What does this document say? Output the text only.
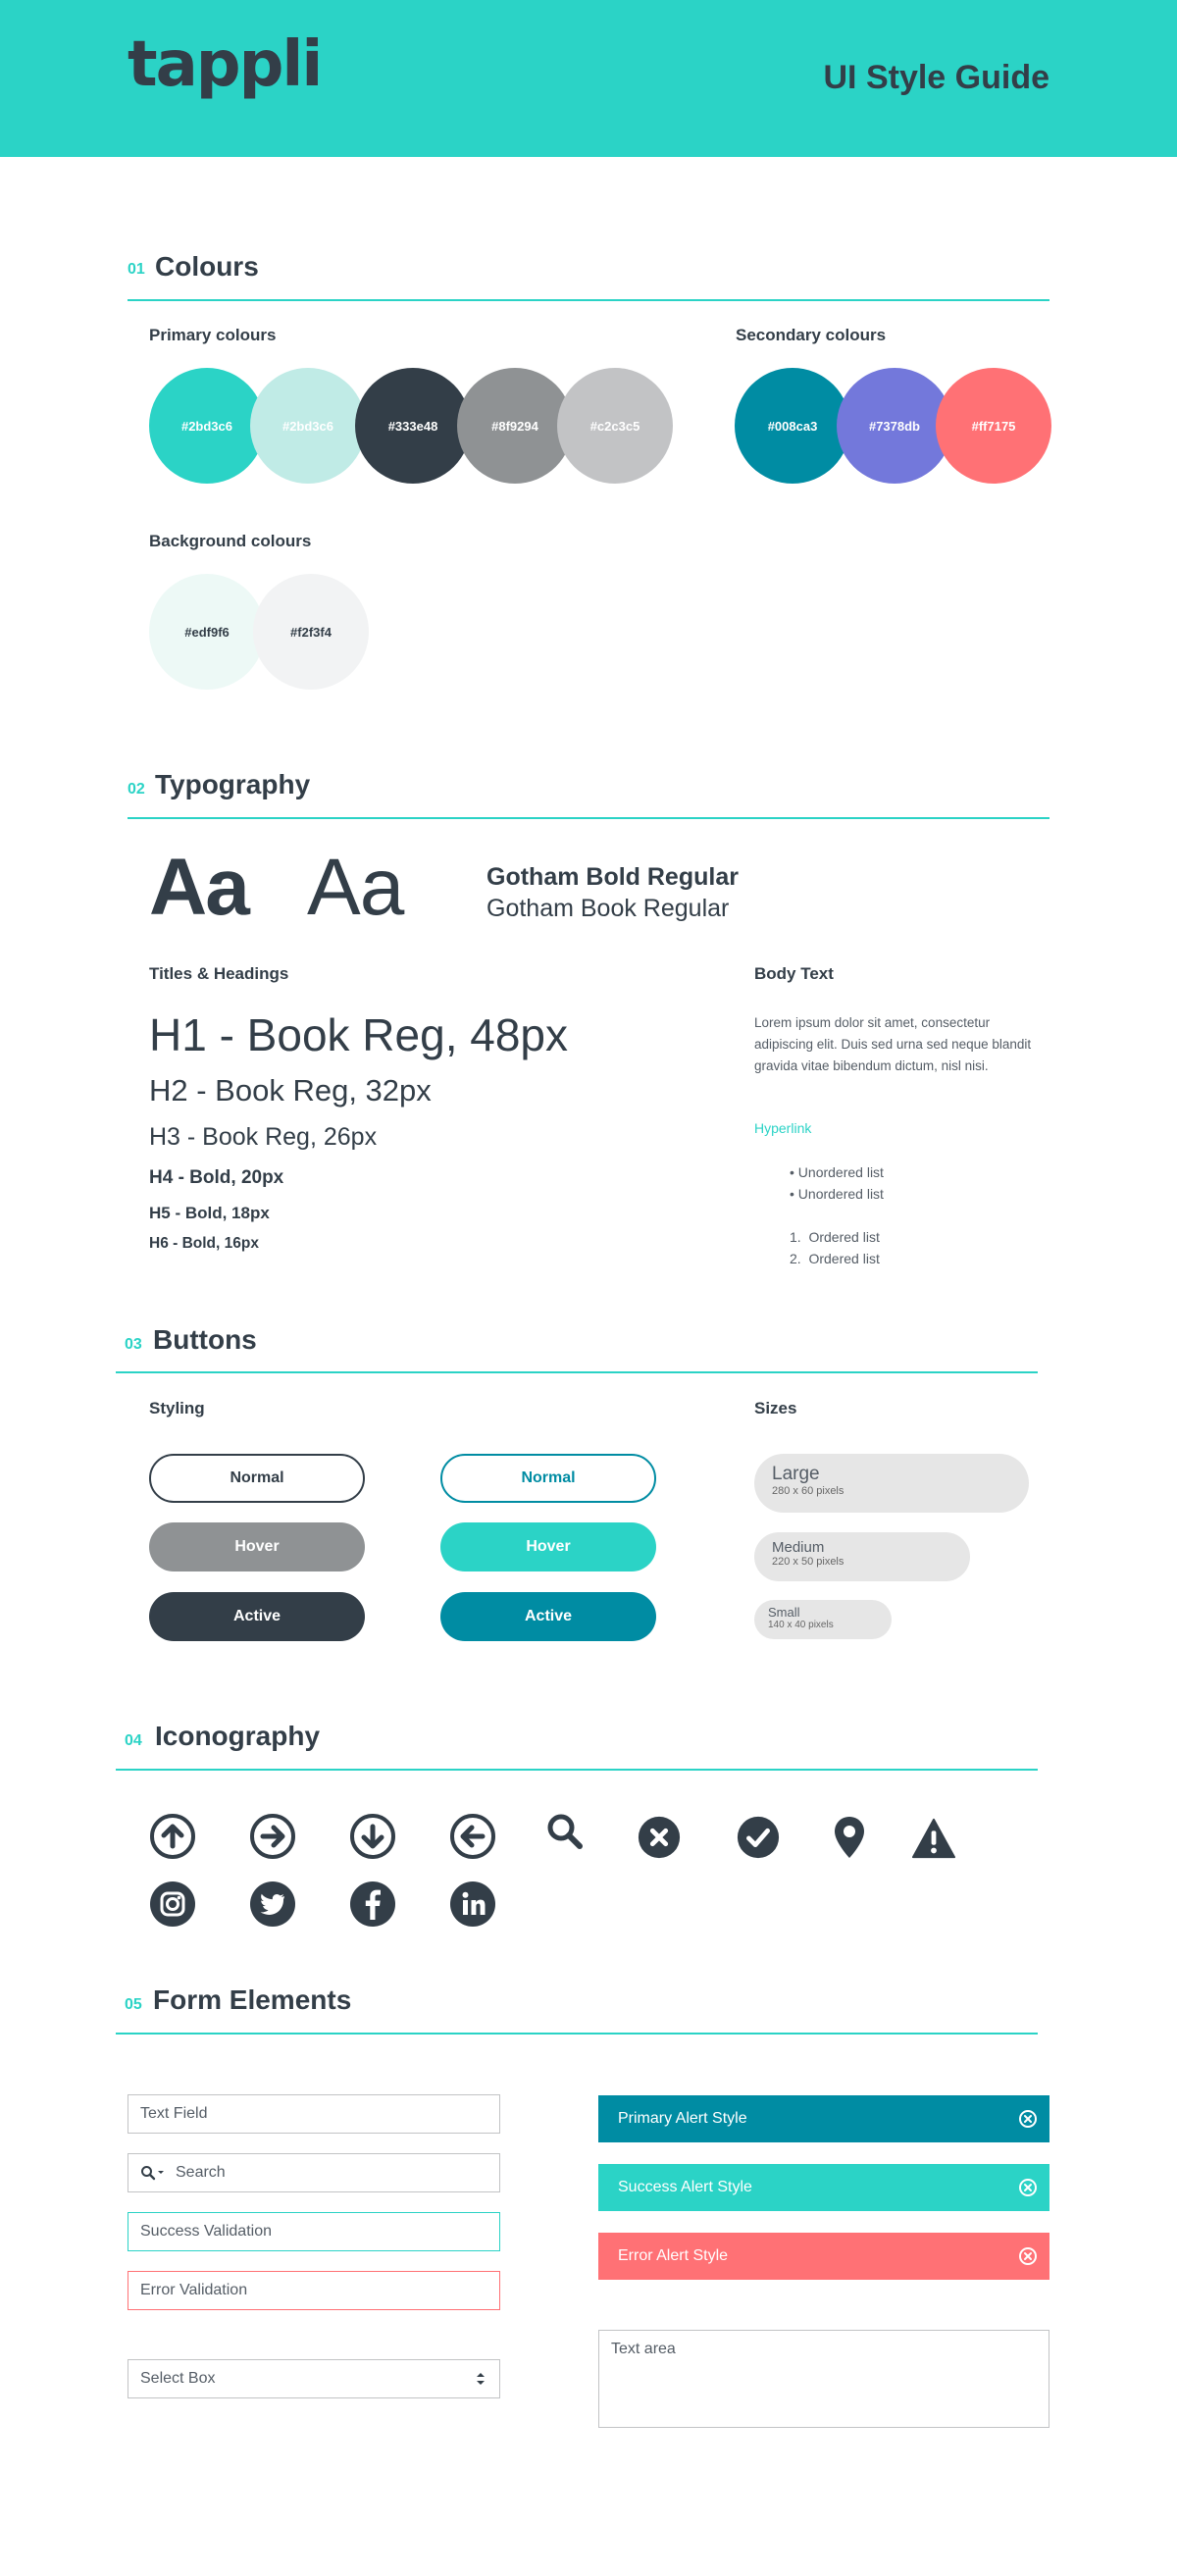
tappli	UI Style Guide
01 Colours
Primary colours	Secondary colours
#2bd3c6	#2bd3c6	#333e48	#8f9294	#c2c3c5	#008ca3	#7378db	#ff7175
Background colours
#edf9f6	#f2f3f4
02 Typography
Aa Aa	Gotham Bold Regular
Gotham Book Regular
Titles & Headings
H1 - Book Reg, 48px
H2 - Book Reg, 32px
H3 - Book Reg, 26px
H4 - Bold, 20px
H5 - Bold, 18px
H6 - Bold, 16px
Body Text
Lorem ipsum dolor sit amet, consectetur adipiscing elit. Duis sed urna sed neque blandit gravida vitae bibendum dictum, nisl nisi.
Hyperlink
• Unordered list
• Unordered list
1.  Ordered list
2.  Ordered list
03 Buttons
Styling	Sizes
Normal
Hover
Active
Normal
Hover
Active
Large
280 x 60 pixels
Medium
220 x 50 pixels
Small
140 x 40 pixels
04 Iconography
05 Form Elements
Text Field
Search
Success Validation
Error Validation
Select Box
Primary Alert Style
Success Alert Style
Error Alert Style
Text area
